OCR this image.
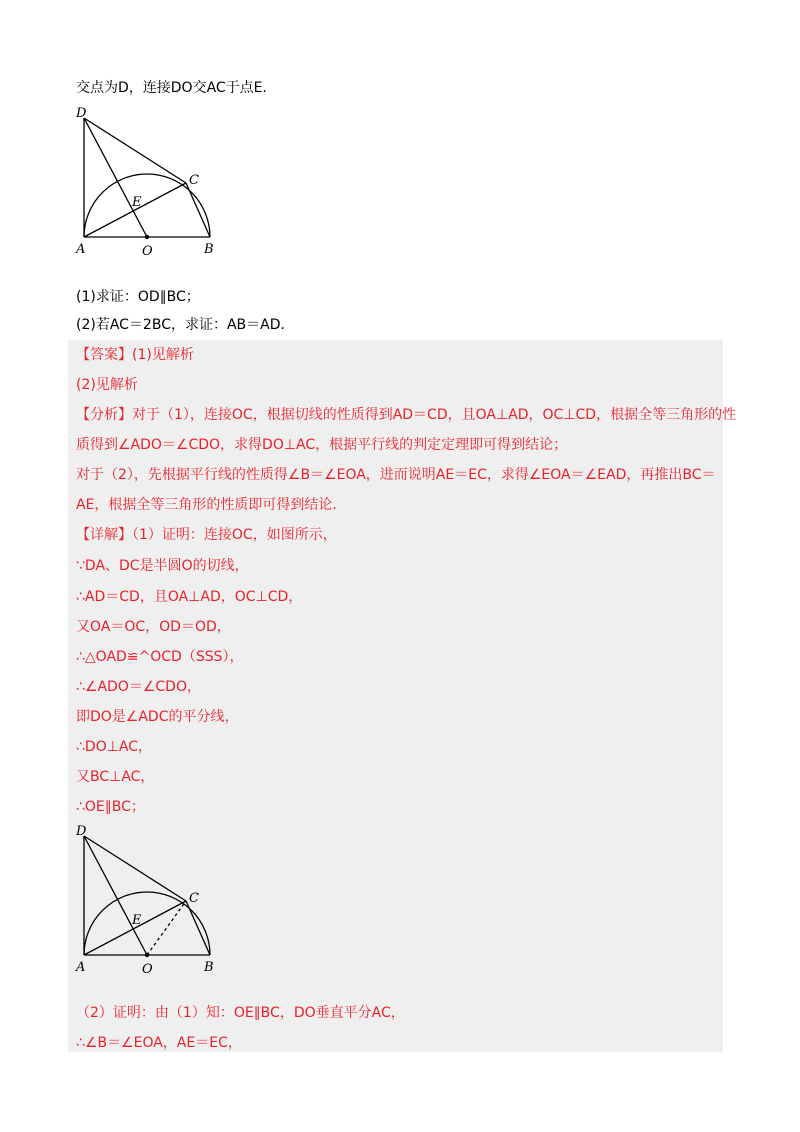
交点为D，连接DO交AC于点E．
D
C
E
A	O	B
(1)求证：OD∥BC；
(2)若AC＝2BC，求证：AB＝AD．
【答案】(1)见解析
(2)见解析
【分析】对于（1），连接OC，根据切线的性质得到AD＝CD，且OA⊥AD，OC⊥CD，根据全等三角形的性
质得到∠ADO＝∠CDO，求得DO⊥AC，根据平行线的判定定理即可得到结论；
对于（2），先根据平行线的性质得∠B＝∠EOA，进而说明AE＝EC，求得∠EOA＝∠EAD，再推出BC＝
AE，根据全等三角形的性质即可得到结论．
【详解】（1）证明：连接OC，如图所示，
∵DA、DC是半圆O的切线，
∴AD＝CD，且OA⊥AD，OC⊥CD，
又OA＝OC，OD＝OD，
∴△OAD≌^OCD（SSS），
∴∠ADO＝∠CDO，
即DO是∠ADC的平分线，
∴DO⊥AC，
又BC⊥AC，
∴OE∥BC；
D
C
E
A	O	B
（2）证明：由（1）知：OE∥BC，DO垂直平分AC，
∴∠B＝∠EOA，AE＝EC，
